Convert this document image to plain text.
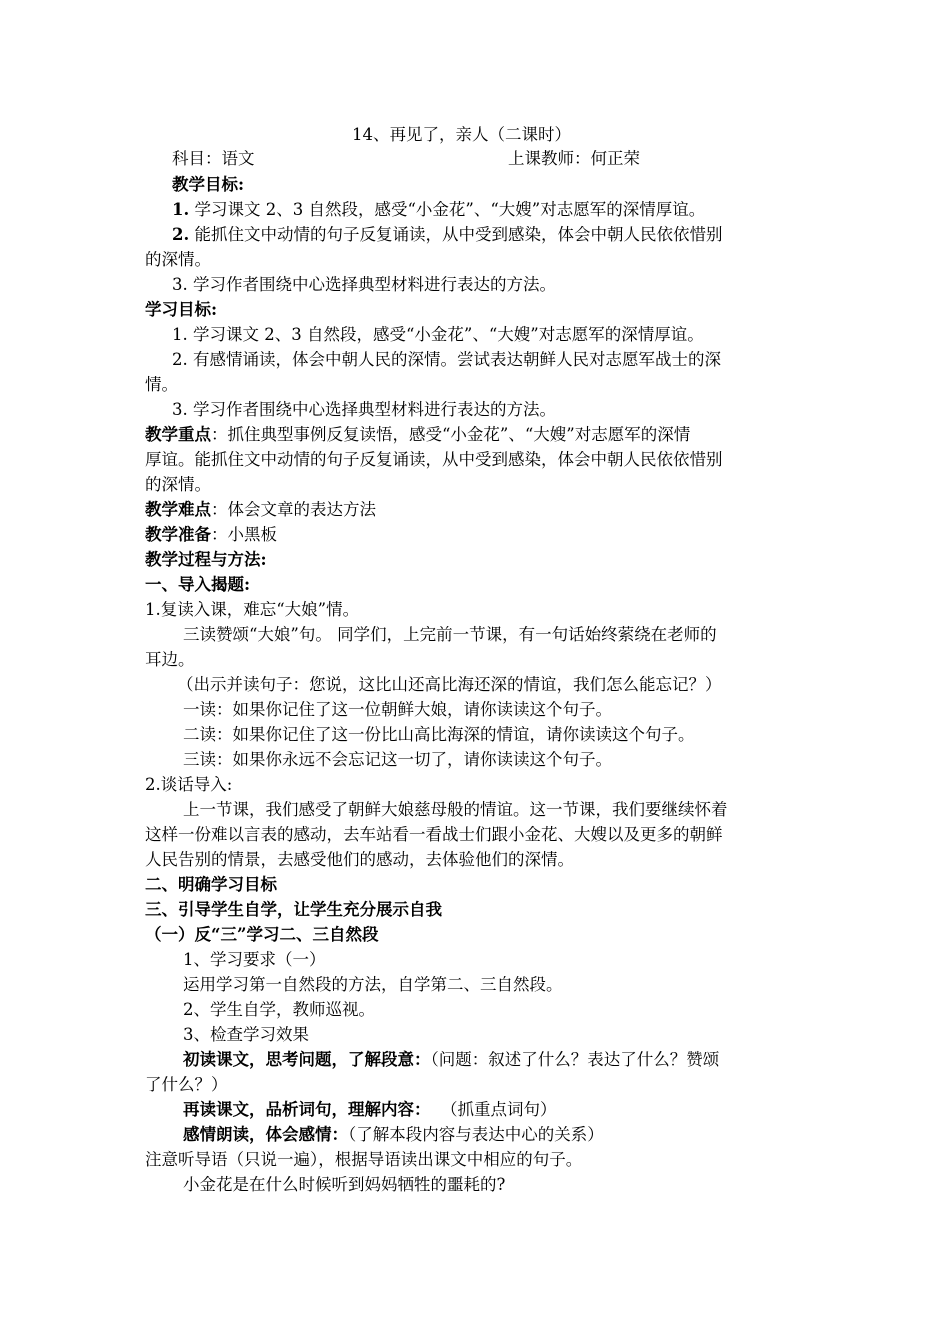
14、再见了，亲人（二课时）
科目：语文	上课教师：何正荣
教学目标:
1. 学习课文 2、3 自然段，感受“小金花”、“大嫂”对志愿军的深情厚谊。
2. 能抓住文中动情的句子反复诵读，从中受到感染，体会中朝人民依依惜别
的深情。
3. 学习作者围绕中心选择典型材料进行表达的方法。
学习目标:
1. 学习课文 2、3 自然段，感受“小金花”、“大嫂”对志愿军的深情厚谊。
2. 有感情诵读，体会中朝人民的深情。尝试表达朝鲜人民对志愿军战士的深
情。
3. 学习作者围绕中心选择典型材料进行表达的方法。
教学重点：抓住典型事例反复读悟，感受“小金花”、“大嫂”对志愿军的深情
厚谊。能抓住文中动情的句子反复诵读，从中受到感染，体会中朝人民依依惜别
的深情。
教学难点：体会文章的表达方法
教学准备：小黑板
教学过程与方法:
一、导入揭题:
1.复读入课，难忘“大娘”情。
三读赞颂“大娘”句。 同学们，上完前一节课，有一句话始终萦绕在老师的
耳边。
（出示并读句子：您说，这比山还高比海还深的情谊，我们怎么能忘记？）
一读：如果你记住了这一位朝鲜大娘，请你读读这个句子。
二读：如果你记住了这一份比山高比海深的情谊，请你读读这个句子。
三读：如果你永远不会忘记这一切了，请你读读这个句子。
2.谈话导入:
上一节课，我们感受了朝鲜大娘慈母般的情谊。这一节课，我们要继续怀着
这样一份难以言表的感动，去车站看一看战士们跟小金花、大嫂以及更多的朝鲜
人民告别的情景，去感受他们的感动，去体验他们的深情。
二、明确学习目标
三、引导学生自学，让学生充分展示自我
（一）反“三”学习二、三自然段
1、学习要求（一）
运用学习第一自然段的方法，自学第二、三自然段。
2、学生自学，教师巡视。
3、检查学习效果
初读课文，思考问题，了解段意：（问题：叙述了什么？表达了什么？赞颂
了什么？）
再读课文，品析词句，理解内容： （抓重点词句）
感情朗读，体会感情：（了解本段内容与表达中心的关系）
注意听导语（只说一遍），根据导语读出课文中相应的句子。
小金花是在什么时候听到妈妈牺牲的噩耗的?
